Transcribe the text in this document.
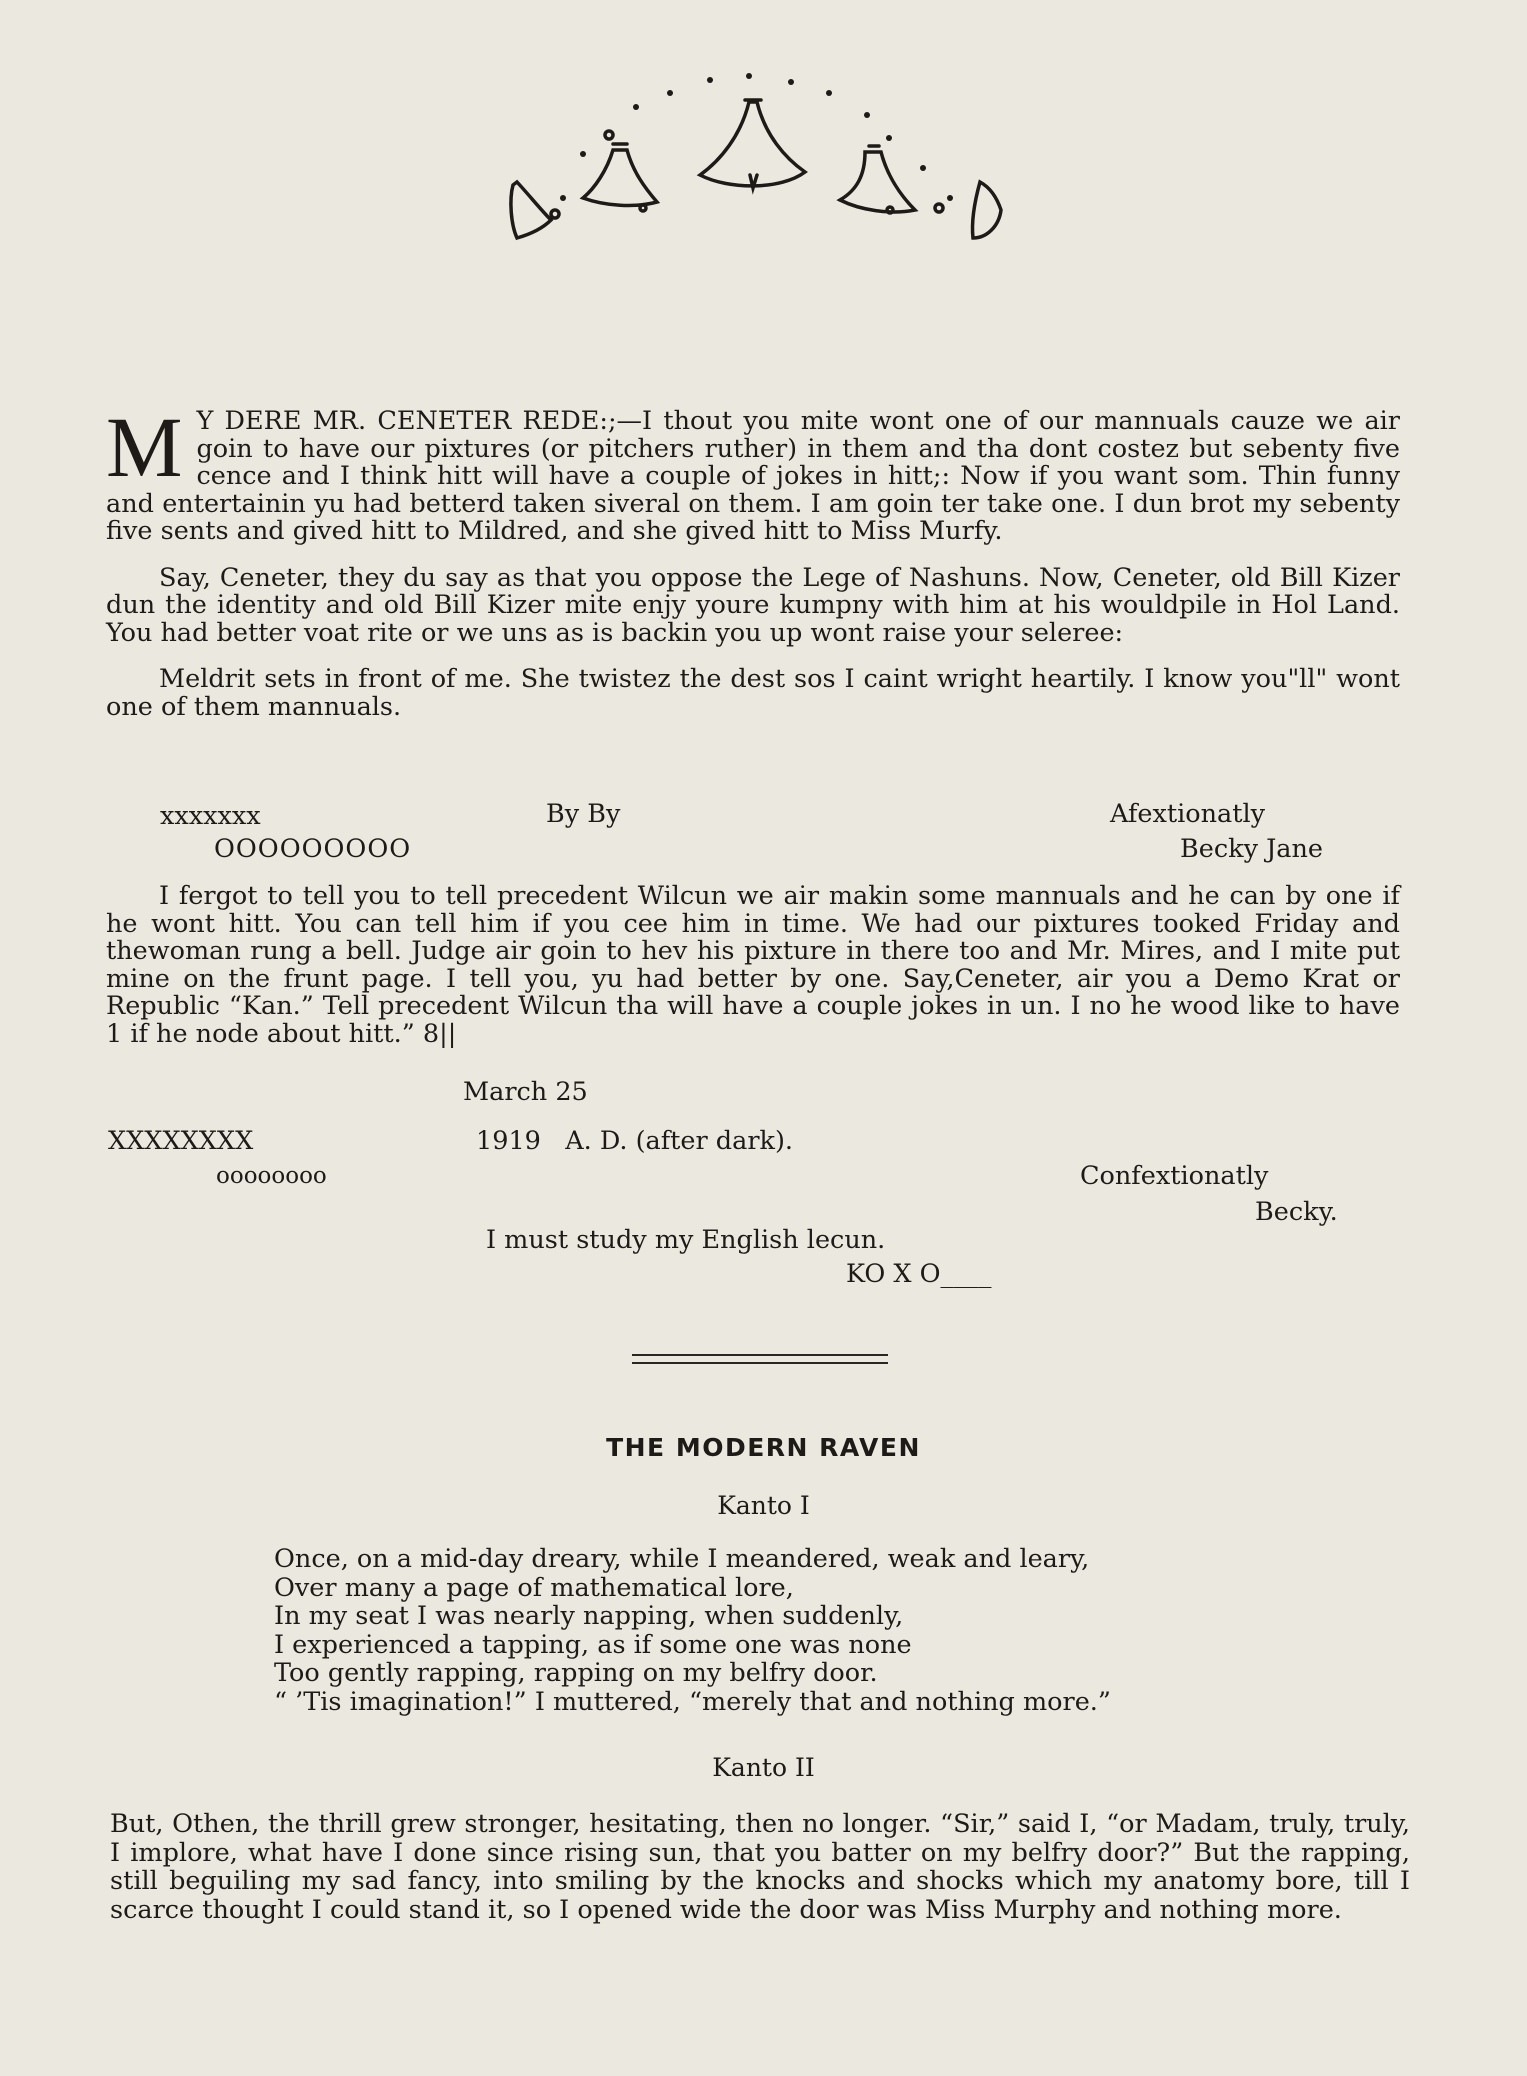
M Y DERE MR. CENETER REDE:;—I thout you mite wont one of our mannuals cauze we air goin to have our pixtures (or pitchers ruther) in them and tha dont costez but sebenty five cence and I think hitt will have a couple of jokes in hitt;: Now if you want som. Thin funny and entertainin yu had betterd taken siveral on them. I am goin ter take one. I dun brot my sebenty five sents and gived hitt to Mildred, and she gived hitt to Miss Murfy.

Say, Ceneter, they du say as that you oppose the Lege of Nashuns. Now, Ceneter, old Bill Kizer dun the identity and old Bill Kizer mite enjy youre kumpny with him at his wouldpile in Hol Land. You had better voat rite or we uns as is backin you up wont raise your seleree:

Meldrit sets in front of me. She twistez the dest sos I caint wright heartily. I know you"ll" wont one of them mannuals.

xxxxxxx	By By	Afextionatly
OOOOOOOOO	Becky Jane

I fergot to tell you to tell precedent Wilcun we air makin some mannuals and he can by one if he wont hitt. You can tell him if you cee him in time. We had our pixtures tooked Friday and thewoman rung a bell. Judge air goin to hev his pixture in there too and Mr. Mires, and I mite put mine on the frunt page. I tell you, yu had better by one. Say,Ceneter, air you a Demo Krat or Republic “Kan.” Tell precedent Wilcun tha will have a couple jokes in un. I no he wood like to have 1 if he node about hitt.” 8||

March 25
XXXXXXXX	1919   A. D. (after dark).
oooooooo	Confextionatly
Becky.
I must study my English lecun.
KO X O____
THE MODERN RAVEN
Kanto I
Once, on a mid-day dreary, while I meandered, weak and leary,
Over many a page of mathematical lore,
In my seat I was nearly napping, when suddenly,
I experienced a tapping, as if some one was none
Too gently rapping, rapping on my belfry door.
“ ’Tis imagination!” I muttered, “merely that and nothing more.”
Kanto II

But, Othen, the thrill grew stronger, hesitating, then no longer. “Sir,” said I, “or Madam, truly, truly, I implore, what have I done since rising sun, that you batter on my belfry door?” But the rapping, still beguiling my sad fancy, into smiling by the knocks and shocks which my anatomy bore, till I scarce thought I could stand it, so I opened wide the door was Miss Murphy and nothing more.
